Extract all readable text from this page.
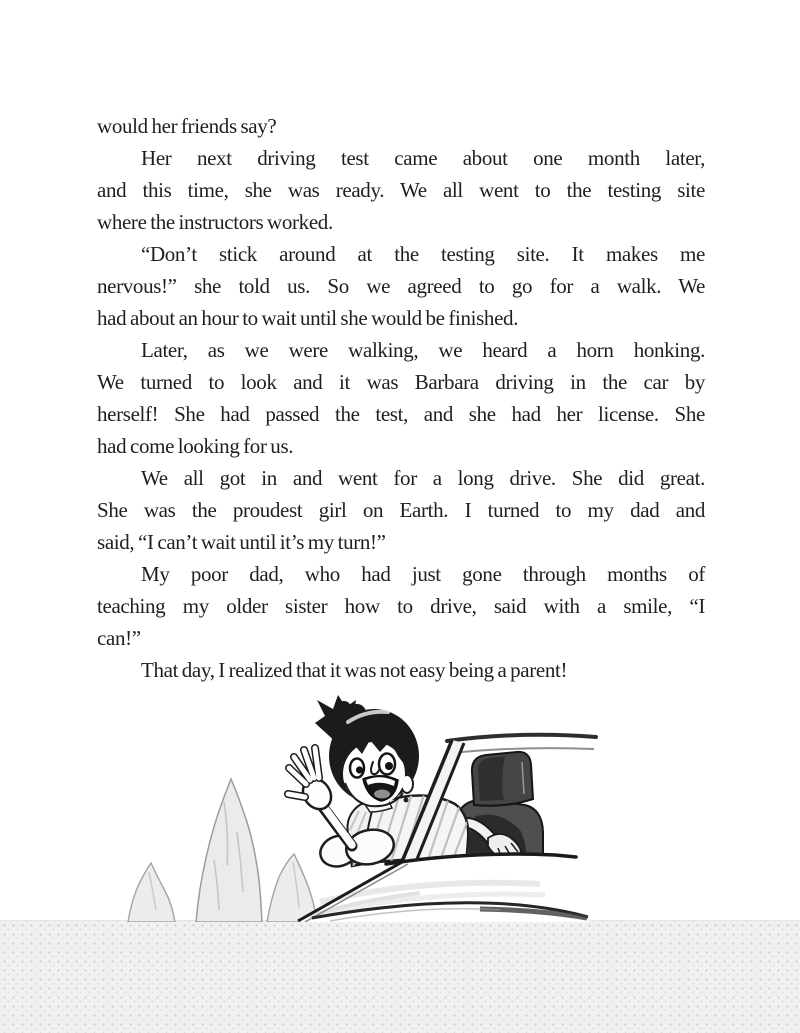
would her friends say?
Her next driving test came about one month later,
and this time, she was ready. We all went to the testing site
where the instructors worked.
“Don’t stick around at the testing site. It makes me
nervous!” she told us. So we agreed to go for a walk. We
had about an hour to wait until she would be finished.
Later, as we were walking, we heard a horn honking.
We turned to look and it was Barbara driving in the car by
herself! She had passed the test, and she had her license. She
had come looking for us.
We all got in and went for a long drive. She did great.
She was the proudest girl on Earth. I turned to my dad and
said, “I can’t wait until it’s my turn!”
My poor dad, who had just gone through months of
teaching my older sister how to drive, said with a smile, “I
can!”
That day, I realized that it was not easy being a parent!
